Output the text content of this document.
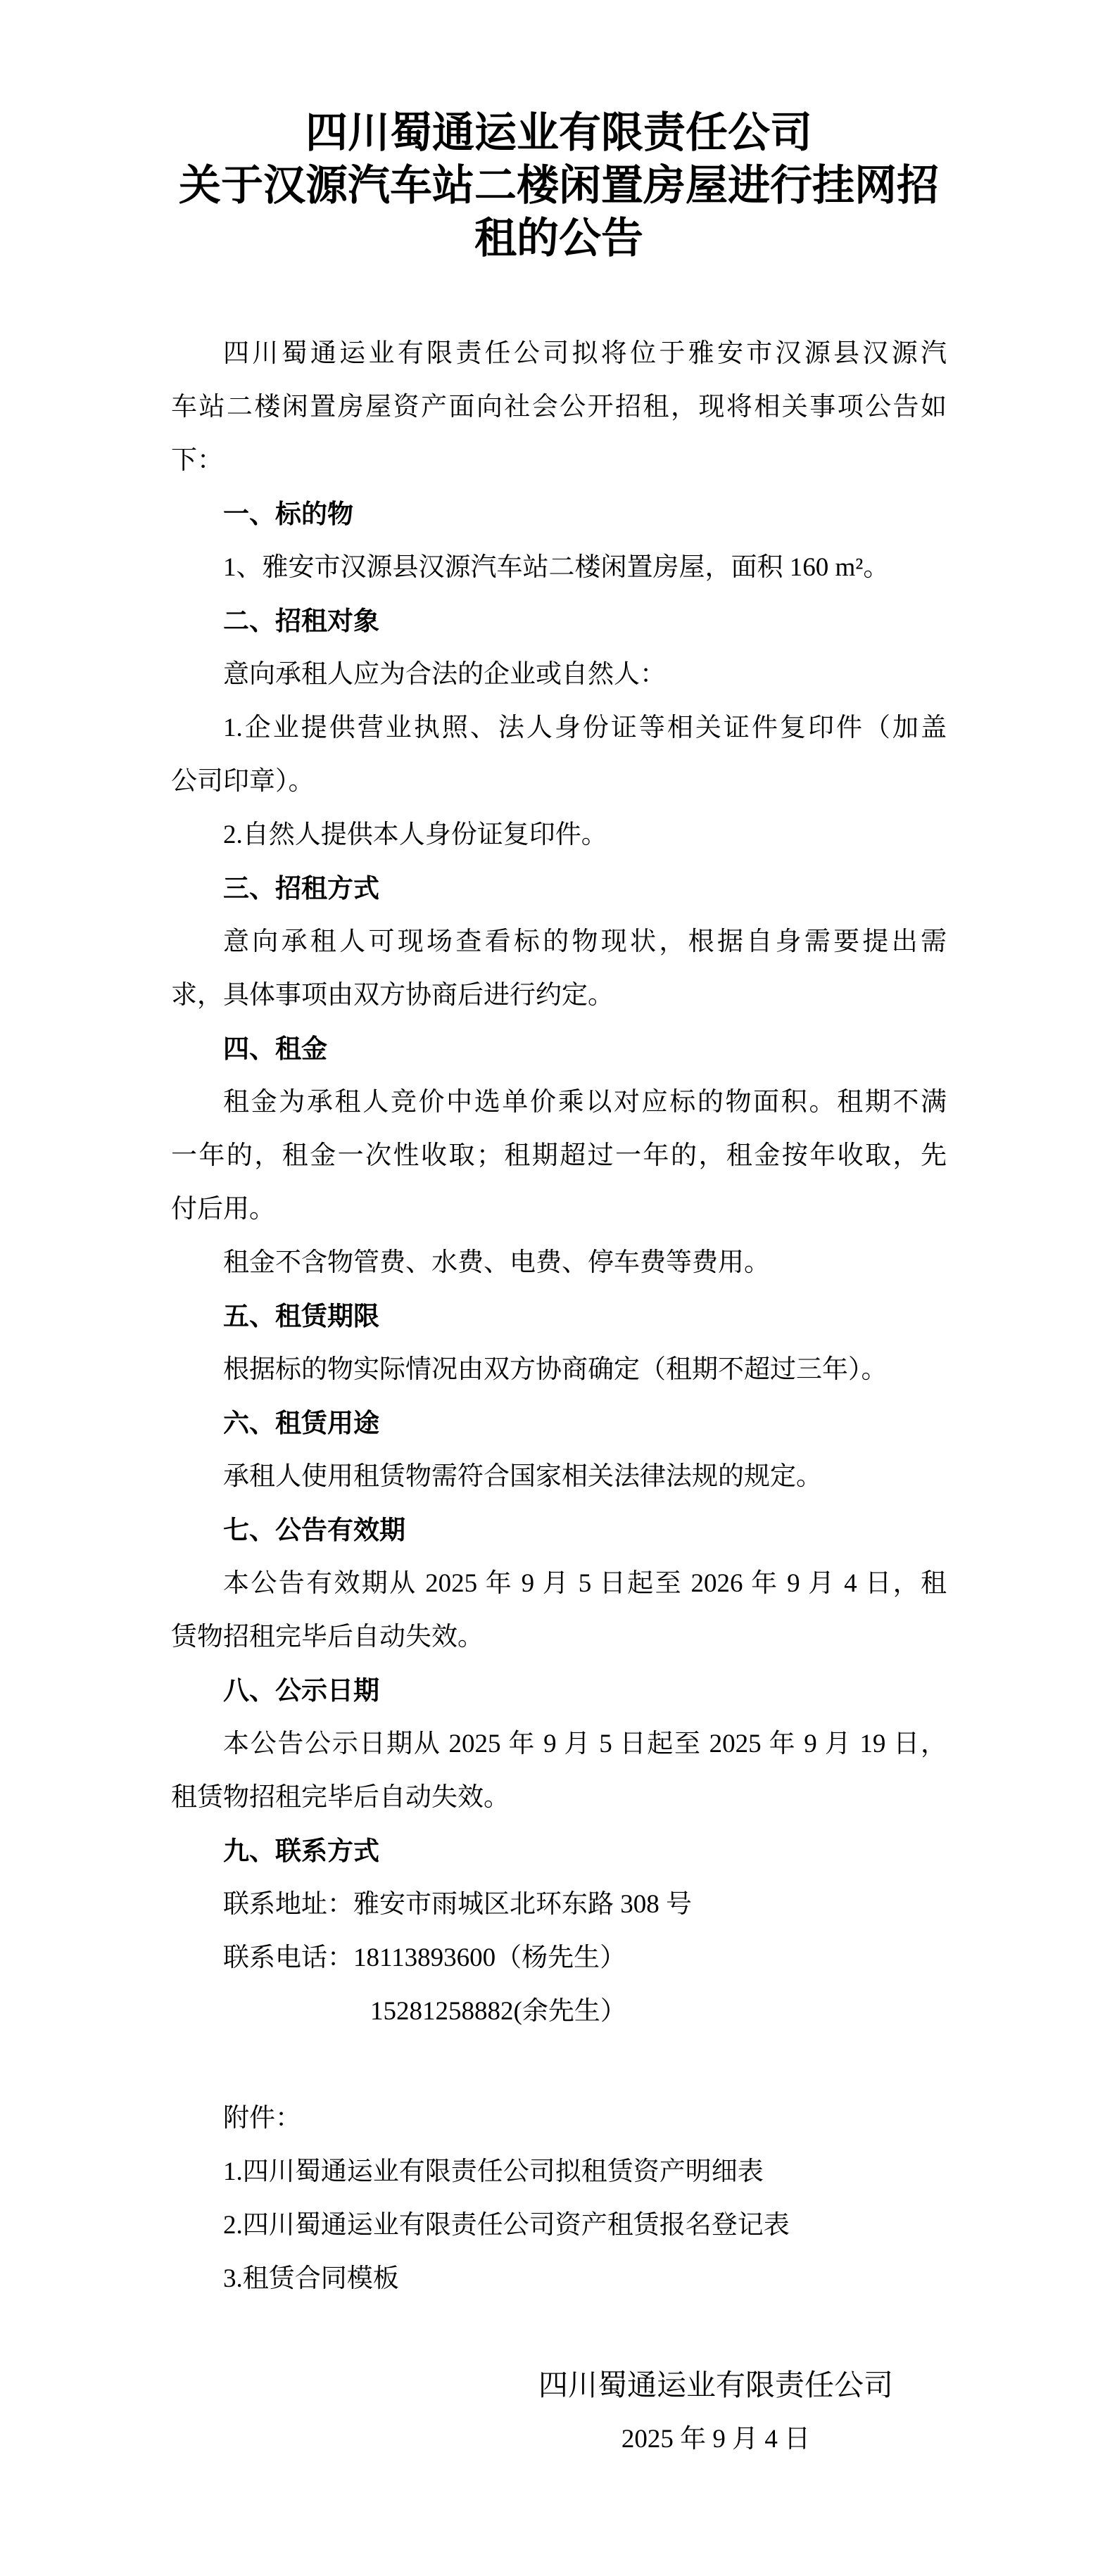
四川蜀通运业有限责任公司
关于汉源汽车站二楼闲置房屋进行挂网招
租的公告
四川蜀通运业有限责任公司拟将位于雅安市汉源县汉源汽
车站二楼闲置房屋资产面向社会公开招租，现将相关事项公告如
下：
一、标的物
1、雅安市汉源县汉源汽车站二楼闲置房屋，面积 160 m²。
二、招租对象
意向承租人应为合法的企业或自然人：
1.企业提供营业执照、法人身份证等相关证件复印件（加盖
公司印章）。
2.自然人提供本人身份证复印件。
三、招租方式
意向承租人可现场查看标的物现状，根据自身需要提出需
求，具体事项由双方协商后进行约定。
四、租金
租金为承租人竞价中选单价乘以对应标的物面积。租期不满
一年的，租金一次性收取；租期超过一年的，租金按年收取，先
付后用。
租金不含物管费、水费、电费、停车费等费用。
五、租赁期限
根据标的物实际情况由双方协商确定（租期不超过三年）。
六、租赁用途
承租人使用租赁物需符合国家相关法律法规的规定。
七、公告有效期
本公告有效期从 2025 年 9 月 5 日起至 2026 年 9 月 4 日，租
赁物招租完毕后自动失效。
八、公示日期
本公告公示日期从 2025 年 9 月 5 日起至 2025 年 9 月 19 日，
租赁物招租完毕后自动失效。
九、联系方式
联系地址：雅安市雨城区北环东路 308 号
联系电话：18113893600（杨先生）
15281258882(余先生）
附件：
1.四川蜀通运业有限责任公司拟租赁资产明细表
2.四川蜀通运业有限责任公司资产租赁报名登记表
3.租赁合同模板
四川蜀通运业有限责任公司
2025 年 9 月 4 日
